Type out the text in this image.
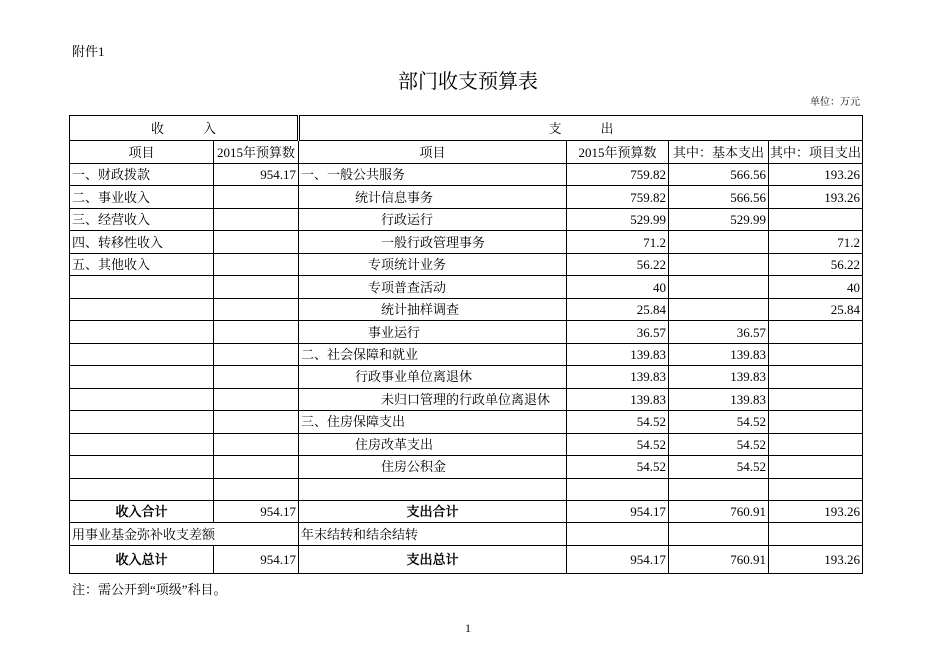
附件1
部门收支预算表
单位：万元
收　　　入		支　　　出			
项目	2015年预算数	项目	2015年预算数	其中：基本支出	其中：项目支出
一、财政拨款	954.17	一、一般公共服务	759.82	566.56	193.26
二、事业收入		统计信息事务	759.82	566.56	193.26
三、经营收入		行政运行	529.99	529.99	
四、转移性收入		一般行政管理事务	71.2		71.2
五、其他收入		专项统计业务	56.22		56.22
		专项普查活动	40		40
		统计抽样调查	25.84		25.84
		事业运行	36.57	36.57	
		二、社会保障和就业	139.83	139.83	
		行政事业单位离退休	139.83	139.83	
		未归口管理的行政单位离退休	139.83	139.83	
		三、住房保障支出	54.52	54.52	
		住房改革支出	54.52	54.52	
		住房公积金	54.52	54.52	

收入合计	954.17	支出合计	954.17	760.91	193.26
用事业基金弥补收支差额		年末结转和结余结转			
收入总计	954.17	支出总计	954.17	760.91	193.26
注：需公开到“项级”科目。
1
